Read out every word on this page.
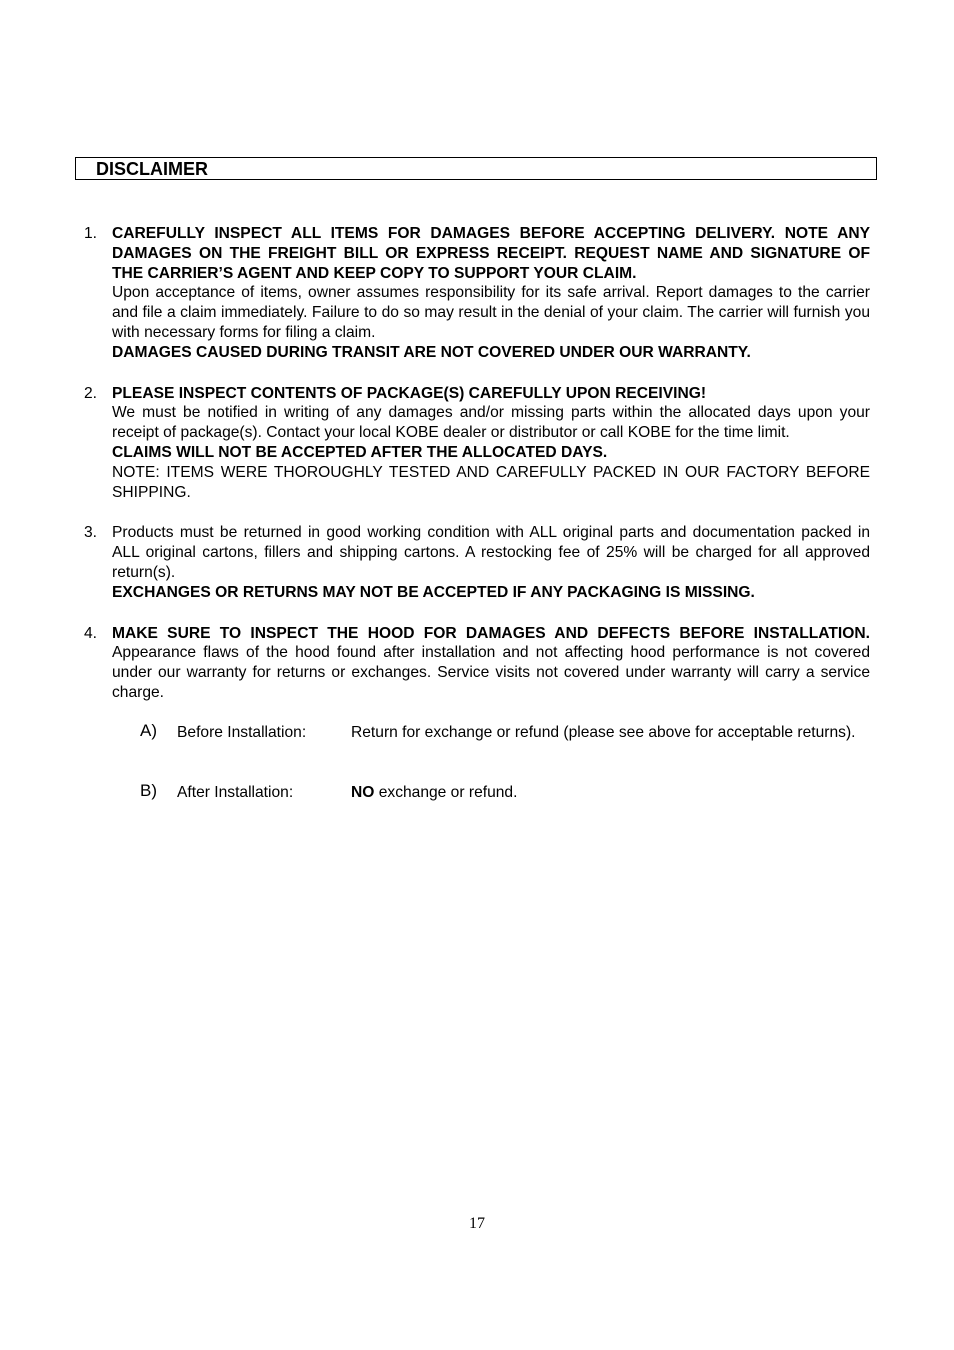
DISCLAIMER
1. CAREFULLY INSPECT ALL ITEMS FOR DAMAGES BEFORE ACCEPTING DELIVERY. NOTE ANY DAMAGES ON THE FREIGHT BILL OR EXPRESS RECEIPT. REQUEST NAME AND SIGNATURE OF THE CARRIER’S AGENT AND KEEP COPY TO SUPPORT YOUR CLAIM.
Upon acceptance of items, owner assumes responsibility for its safe arrival. Report damages to the carrier and file a claim immediately. Failure to do so may result in the denial of your claim. The carrier will furnish you with necessary forms for filing a claim.
DAMAGES CAUSED DURING TRANSIT ARE NOT COVERED UNDER OUR WARRANTY.
2. PLEASE INSPECT CONTENTS OF PACKAGE(S) CAREFULLY UPON RECEIVING!
We must be notified in writing of any damages and/or missing parts within the allocated days upon your receipt of package(s). Contact your local KOBE dealer or distributor or call KOBE for the time limit.
CLAIMS WILL NOT BE ACCEPTED AFTER THE ALLOCATED DAYS.
NOTE: ITEMS WERE THOROUGHLY TESTED AND CAREFULLY PACKED IN OUR FACTORY BEFORE SHIPPING.
3. Products must be returned in good working condition with ALL original parts and documentation packed in ALL original cartons, fillers and shipping cartons. A restocking fee of 25% will be charged for all approved return(s).
EXCHANGES OR RETURNS MAY NOT BE ACCEPTED IF ANY PACKAGING IS MISSING.
4. MAKE SURE TO INSPECT THE HOOD FOR DAMAGES AND DEFECTS BEFORE INSTALLATION. Appearance flaws of the hood found after installation and not affecting hood performance is not covered under our warranty for returns or exchanges. Service visits not covered under warranty will carry a service charge.
A) Before Installation:	Return for exchange or refund (please see above for acceptable returns).
B) After Installation:	NO exchange or refund.
17
